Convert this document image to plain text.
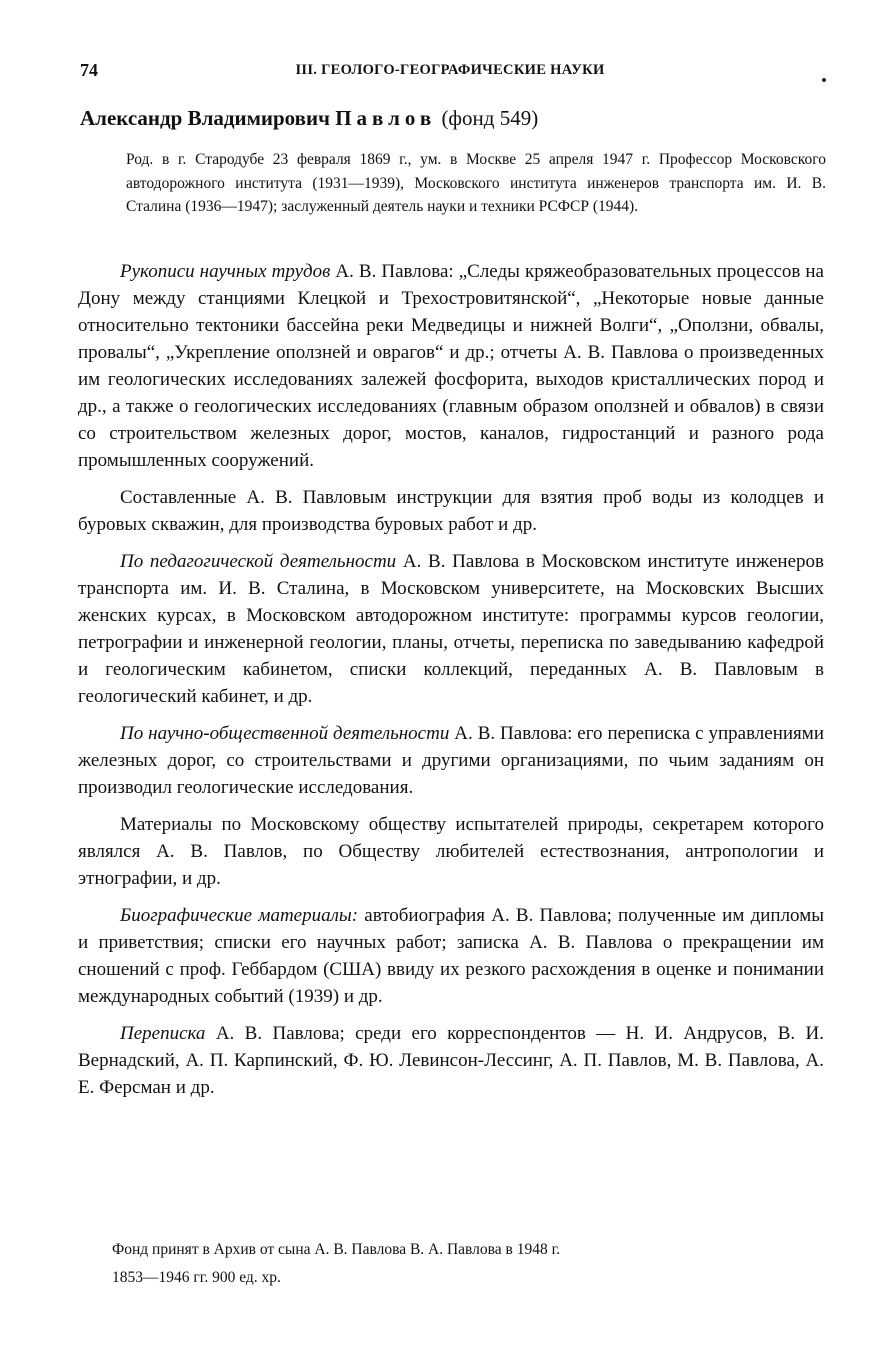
74	III. ГЕОЛОГО-ГЕОГРАФИЧЕСКИЕ НАУКИ
Александр Владимирович Павлов (фонд 549)
Род. в г. Стародубе 23 февраля 1869 г., ум. в Москве 25 апреля 1947 г. Профессор Московского автодорожного института (1931—1939), Московского института инженеров транспорта им. И. В. Сталина (1936—1947); заслуженный деятель науки и техники РСФСР (1944).

Рукописи научных трудов А. В. Павлова: „Следы кряжеобразовательных процессов на Дону между станциями Клецкой и Трехостровитянской“, „Некоторые новые данные относительно тектоники бассейна реки Медведицы и нижней Волги“, „Оползни, обвалы, провалы“, „Укрепление оползней и оврагов“ и др.; отчеты А. В. Павлова о произведенных им геологических исследованиях залежей фосфорита, выходов кристаллических пород и др., а также о геологических исследованиях (главным образом оползней и обвалов) в связи со строительством железных дорог, мостов, каналов, гидростанций и разного рода промышленных сооружений.

Составленные А. В. Павловым инструкции для взятия проб воды из колодцев и буровых скважин, для производства буровых работ и др.

По педагогической деятельности А. В. Павлова в Московском институте инженеров транспорта им. И. В. Сталина, в Московском университете, на Московских Высших женских курсах, в Московском автодорожном институте: программы курсов геологии, петрографии и инженерной геологии, планы, отчеты, переписка по заведыванию кафедрой и геологическим кабинетом, списки коллекций, переданных А. В. Павловым в геологический кабинет, и др.

По научно-общественной деятельности А. В. Павлова: его переписка с управлениями железных дорог, со строительствами и другими организациями, по чьим заданиям он производил геологические исследования.

Материалы по Московскому обществу испытателей природы, секретарем которого являлся А. В. Павлов, по Обществу любителей естествознания, антропологии и этнографии, и др.

Биографические материалы: автобиография А. В. Павлова; полученные им дипломы и приветствия; списки его научных работ; записка А. В. Павлова о прекращении им сношений с проф. Геббардом (США) ввиду их резкого расхождения в оценке и понимании международных событий (1939) и др.

Переписка А. В. Павлова; среди его корреспондентов — Н. И. Андрусов, В. И. Вернадский, А. П. Карпинский, Ф. Ю. Левинсон-Лессинг, А. П. Павлов, М. В. Павлова, А. Е. Ферсман и др.

Фонд принят в Архив от сына А. В. Павлова В. А. Павлова в 1948 г.
1853—1946 гг. 900 ед. хр.
